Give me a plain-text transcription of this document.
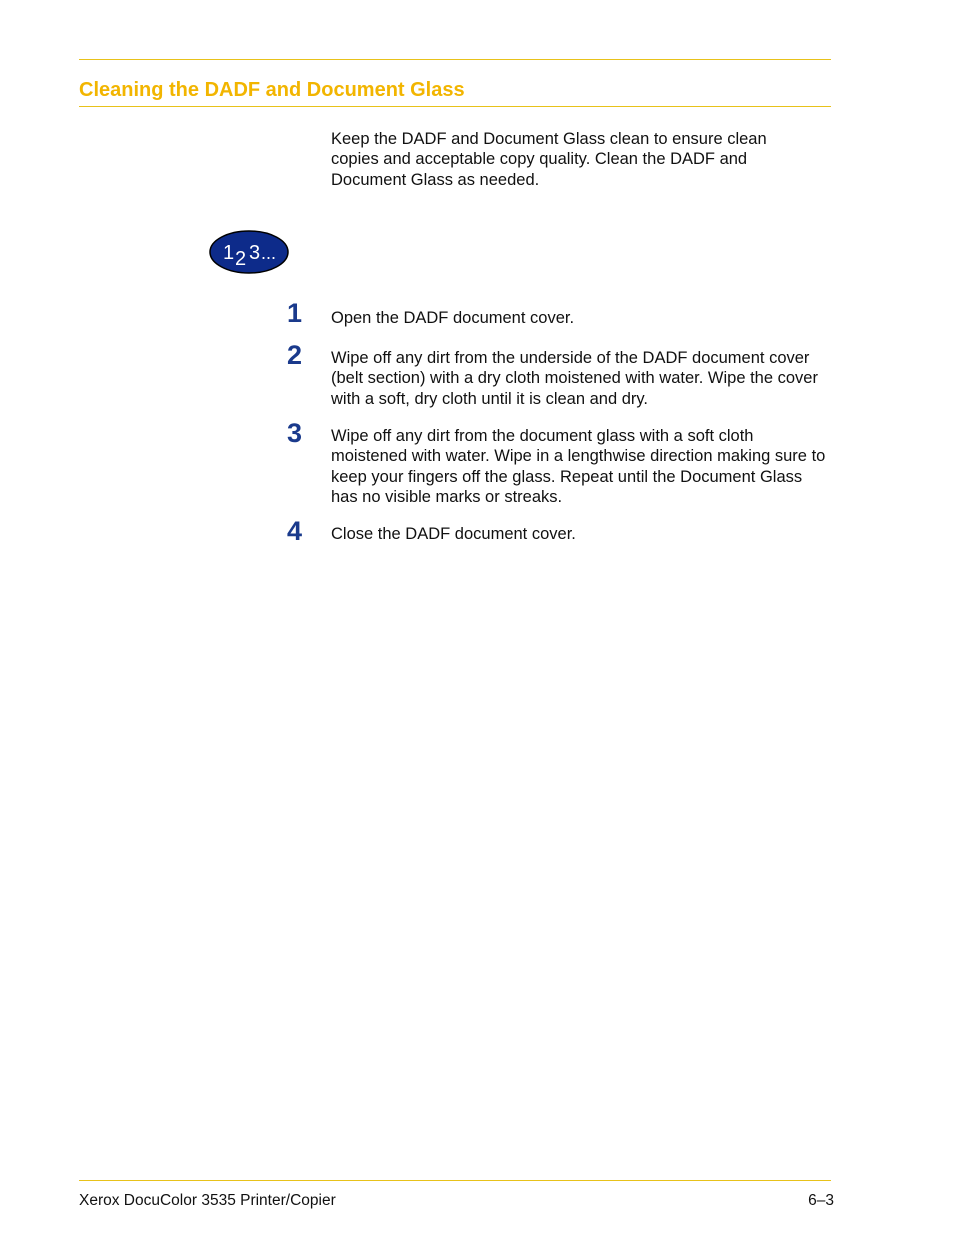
Cleaning the DADF and Document Glass

Keep the DADF and Document Glass clean to ensure clean copies and acceptable copy quality. Clean the DADF and Document Glass as needed.

1 2 3 ...
1 Open the DADF document cover.

2 Wipe off any dirt from the underside of the DADF document cover (belt section) with a dry cloth moistened with water. Wipe the cover with a soft, dry cloth until it is clean and dry.

3 Wipe off any dirt from the document glass with a soft cloth moistened with water. Wipe in a lengthwise direction making sure to keep your fingers off the glass. Repeat until the Document Glass has no visible marks or streaks.

4 Close the DADF document cover.

Xerox DocuColor 3535 Printer/Copier	6–3
